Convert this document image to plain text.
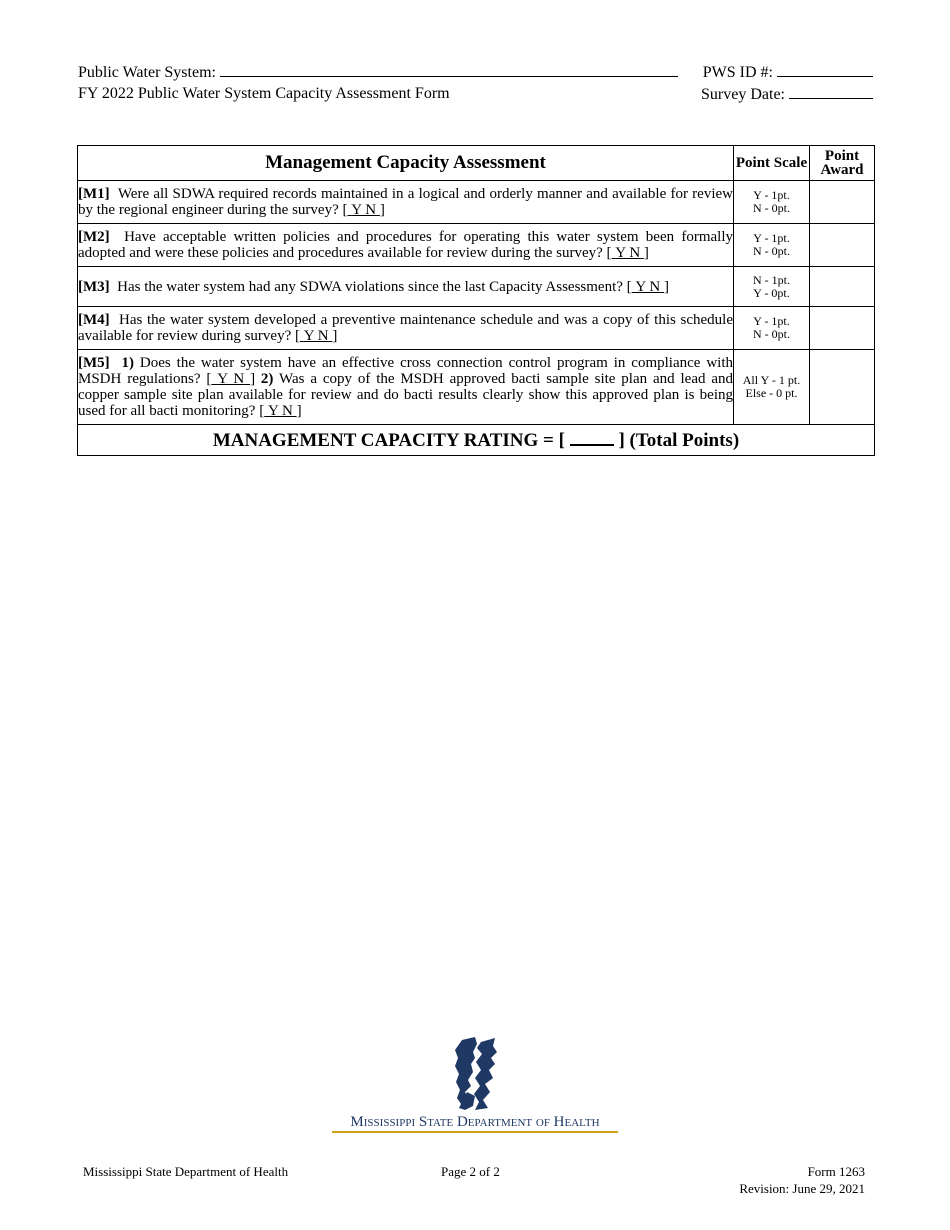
Public Water System:	PWS ID #:
FY 2022 Public Water System Capacity Assessment Form	Survey Date:
Management Capacity Assessment	Point Scale	Point Award
[M1] Were all SDWA required records maintained in a logical and orderly manner and available for review by the regional engineer during the survey? [ Y N ]	Y - 1pt.
N - 0pt.	

[M2] Have acceptable written policies and procedures for operating this water system been formally adopted and were these policies and procedures available for review during the survey? [ Y N ]	Y - 1pt.
N - 0pt.	

[M3] Has the water system had any SDWA violations since the last Capacity Assessment? [ Y N ]	N - 1pt.
Y - 0pt.	

[M4] Has the water system developed a preventive maintenance schedule and was a copy of this schedule available for review during survey? [ Y N ]	Y - 1pt.
N - 0pt.	

[M5] 1) Does the water system have an effective cross connection control program in compliance with MSDH regulations? [ Y N ] 2) Was a copy of the MSDH approved bacti sample site plan and lead and copper sample site plan available for review and do bacti results clearly show this approved plan is being used for all bacti monitoring? [ Y N ]	All Y - 1 pt.
Else - 0 pt.	

MANAGEMENT CAPACITY RATING = [ ] (Total Points)		
Mississippi State Department of Health
Mississippi State Department of Health	Page 2 of 2	Form 1263
Revision: June 29, 2021
